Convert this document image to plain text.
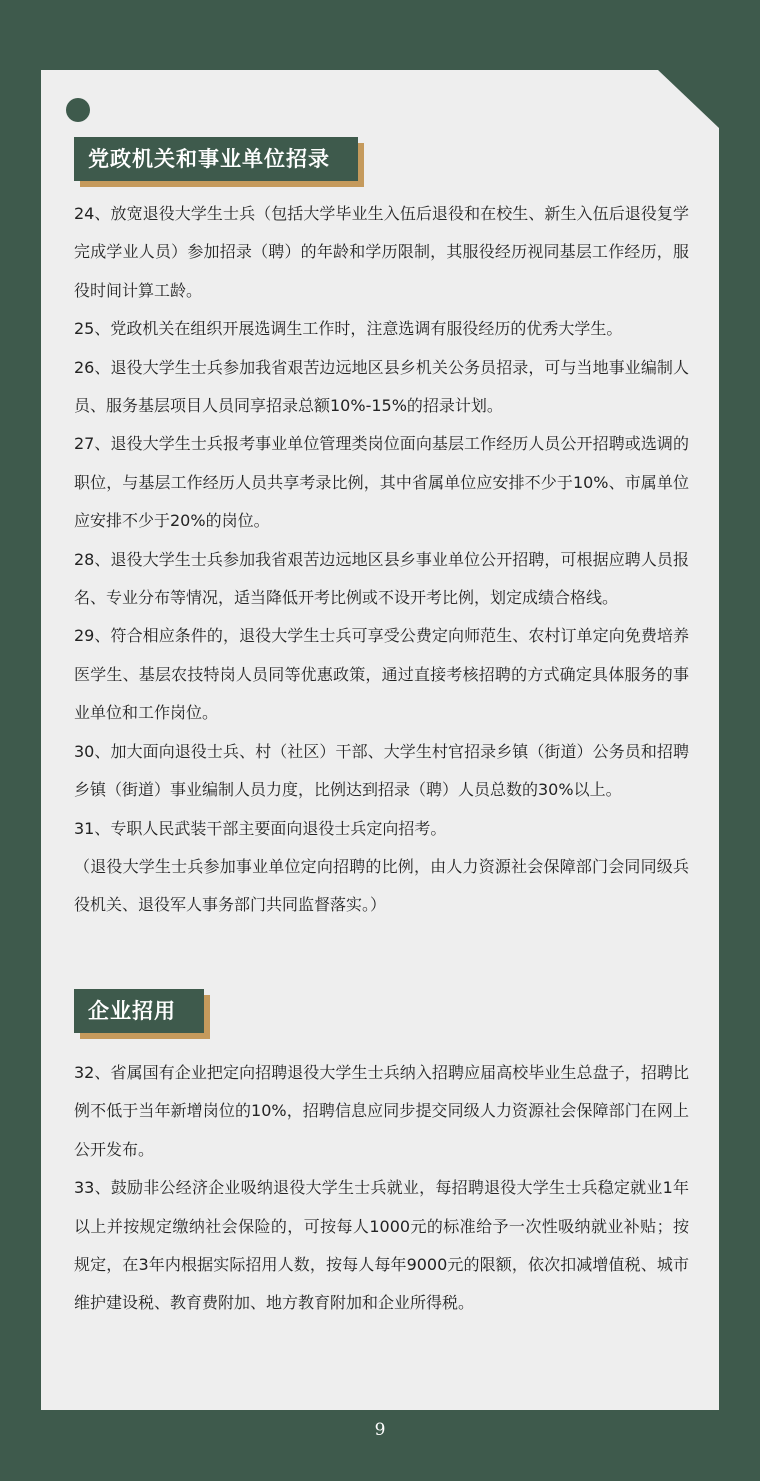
党政机关和事业单位招录

24、放宽退役大学生士兵（包括大学毕业生入伍后退役和在校生、新生入伍后退役复学完成学业人员）参加招录（聘）的年龄和学历限制，其服役经历视同基层工作经历，服役时间计算工龄。

25、党政机关在组织开展选调生工作时，注意选调有服役经历的优秀大学生。

26、退役大学生士兵参加我省艰苦边远地区县乡机关公务员招录，可与当地事业编制人员、服务基层项目人员同享招录总额10%-15%的招录计划。

27、退役大学生士兵报考事业单位管理类岗位面向基层工作经历人员公开招聘或选调的职位，与基层工作经历人员共享考录比例，其中省属单位应安排不少于10%、市属单位应安排不少于20%的岗位。

28、退役大学生士兵参加我省艰苦边远地区县乡事业单位公开招聘，可根据应聘人员报名、专业分布等情况，适当降低开考比例或不设开考比例，划定成绩合格线。

29、符合相应条件的，退役大学生士兵可享受公费定向师范生、农村订单定向免费培养医学生、基层农技特岗人员同等优惠政策，通过直接考核招聘的方式确定具体服务的事业单位和工作岗位。

30、加大面向退役士兵、村（社区）干部、大学生村官招录乡镇（街道）公务员和招聘乡镇（街道）事业编制人员力度，比例达到招录（聘）人员总数的30%以上。

31、专职人民武装干部主要面向退役士兵定向招考。

（退役大学生士兵参加事业单位定向招聘的比例，由人力资源社会保障部门会同同级兵役机关、退役军人事务部门共同监督落实。）

企业招用

32、省属国有企业把定向招聘退役大学生士兵纳入招聘应届高校毕业生总盘子，招聘比例不低于当年新增岗位的10%，招聘信息应同步提交同级人力资源社会保障部门在网上公开发布。

33、鼓励非公经济企业吸纳退役大学生士兵就业，每招聘退役大学生士兵稳定就业1年以上并按规定缴纳社会保险的，可按每人1000元的标准给予一次性吸纳就业补贴；按规定，在3年内根据实际招用人数，按每人每年9000元的限额，依次扣减增值税、城市维护建设税、教育费附加、地方教育附加和企业所得税。

9
